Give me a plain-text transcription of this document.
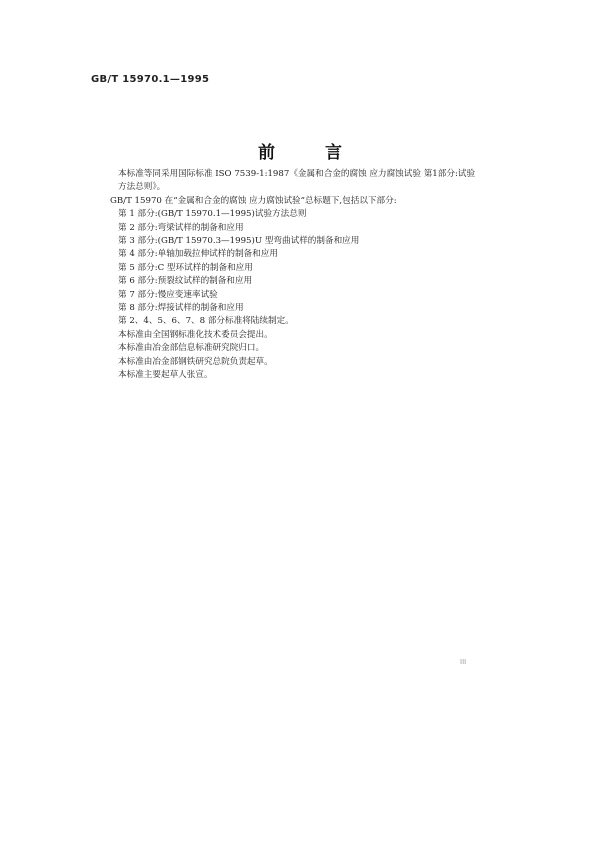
GB/T 15970.1—1995
前 言

本标准等同采用国际标准 ISO 7539-1:1987《金属和合金的腐蚀 应力腐蚀试验 第1部分:试验

方法总则》。

GB/T 15970 在“金属和合金的腐蚀 应力腐蚀试验”总标题下,包括以下部分:

第 1 部分:(GB/T 15970.1—1995)试验方法总则

第 2 部分:弯梁试样的制备和应用

第 3 部分:(GB/T 15970.3—1995)U 型弯曲试样的制备和应用

第 4 部分:单轴加载拉伸试样的制备和应用

第 5 部分:C 型环试样的制备和应用

第 6 部分:预裂纹试样的制备和应用

第 7 部分:慢应变速率试验

第 8 部分:焊接试样的制备和应用

第 2、4、5、6、7、8 部分标准将陆续制定。

本标准由全国钢标准化技术委员会提出。

本标准由冶金部信息标准研究院归口。

本标准由冶金部钢铁研究总院负责起草。

本标准主要起草人张宣。

III
